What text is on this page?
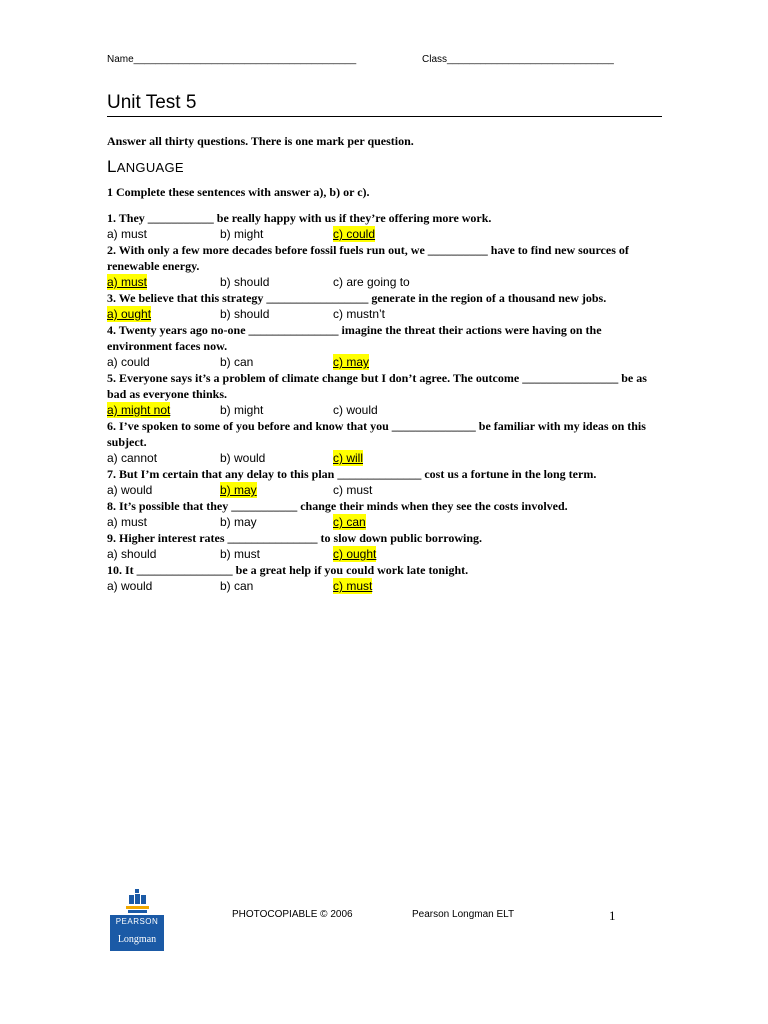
Name________________________________________	Class______________________________
Unit Test 5
Answer all thirty questions. There is one mark per question.
LANGUAGE
1 Complete these sentences with answer a), b) or c).
1. They ___________ be really happy with us if they’re offering more work.
a) must	b) might	c) could
2. With only a few more decades before fossil fuels run out, we __________ have to find new sources of renewable energy.
a) must	b) should	c) are going to
3. We believe that this strategy _________________ generate in the region of a thousand new jobs.
a) ought	b) should	c) mustn’t
4. Twenty years ago no-one _______________ imagine the threat their actions were having on the environment faces now.
a) could	b) can	c) may
5. Everyone says it’s a problem of climate change but I don’t agree. The outcome ________________ be as bad as everyone thinks.
a) might not	b) might	c) would
6. I’ve spoken to some of you before and know that you ______________ be familiar with my ideas on this subject.
a) cannot	b) would	c) will
7. But I’m certain that any delay to this plan ______________ cost us a fortune in the long term.
a) would	b) may	c) must
8. It’s possible that they ___________ change their minds when they see the costs involved.
a) must	b) may	c) can
9. Higher interest rates _______________ to slow down public borrowing.
a) should	b) must	c) ought
10. It ________________ be a great help if you could work late tonight.
a) would	b) can	c) must
PEARSON
Longman
PHOTOCOPIABLE © 2006	Pearson Longman ELT	1
